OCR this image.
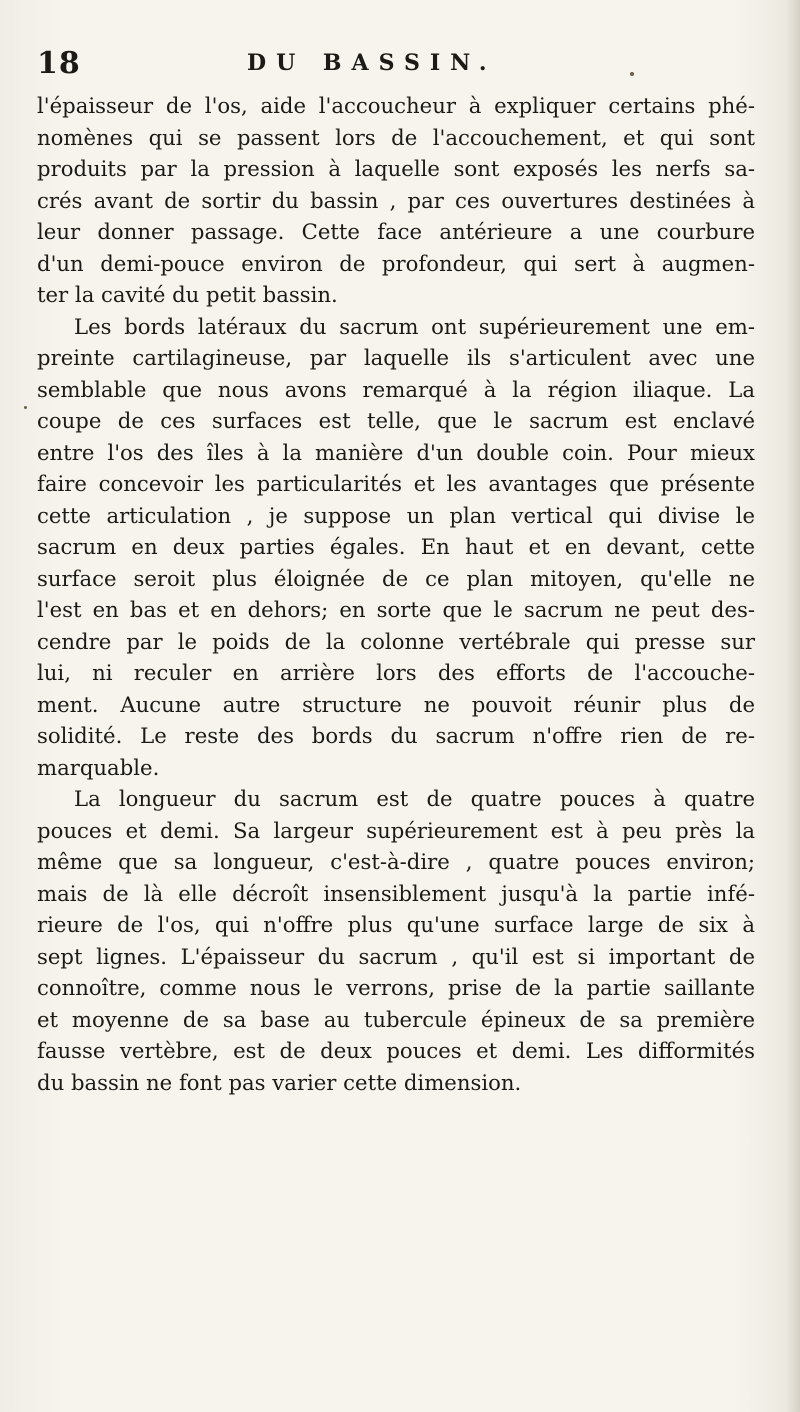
18	DU BASSIN.
l'épaisseur de l'os, aide l'accoucheur à expliquer certains phé-
nomènes qui se passent lors de l'accouchement, et qui sont
produits par la pression à laquelle sont exposés les nerfs sa-
crés avant de sortir du bassin , par ces ouvertures destinées à
leur donner passage. Cette face antérieure a une courbure
d'un demi-pouce environ de profondeur, qui sert à augmen-
ter la cavité du petit bassin.
Les bords latéraux du sacrum ont supérieurement une em-
preinte cartilagineuse, par laquelle ils s'articulent avec une
semblable que nous avons remarqué à la région iliaque. La
coupe de ces surfaces est telle, que le sacrum est enclavé
entre l'os des îles à la manière d'un double coin. Pour mieux
faire concevoir les particularités et les avantages que présente
cette articulation , je suppose un plan vertical qui divise le
sacrum en deux parties égales. En haut et en devant, cette
surface seroit plus éloignée de ce plan mitoyen, qu'elle ne
l'est en bas et en dehors; en sorte que le sacrum ne peut des-
cendre par le poids de la colonne vertébrale qui presse sur
lui, ni reculer en arrière lors des efforts de l'accouche-
ment. Aucune autre structure ne pouvoit réunir plus de
solidité. Le reste des bords du sacrum n'offre rien de re-
marquable.
La longueur du sacrum est de quatre pouces à quatre
pouces et demi. Sa largeur supérieurement est à peu près la
même que sa longueur, c'est-à-dire , quatre pouces environ;
mais de là elle décroît insensiblement jusqu'à la partie infé-
rieure de l'os, qui n'offre plus qu'une surface large de six à
sept lignes. L'épaisseur du sacrum , qu'il est si important de
connoître, comme nous le verrons, prise de la partie saillante
et moyenne de sa base au tubercule épineux de sa première
fausse vertèbre, est de deux pouces et demi. Les difformités
du bassin ne font pas varier cette dimension.
